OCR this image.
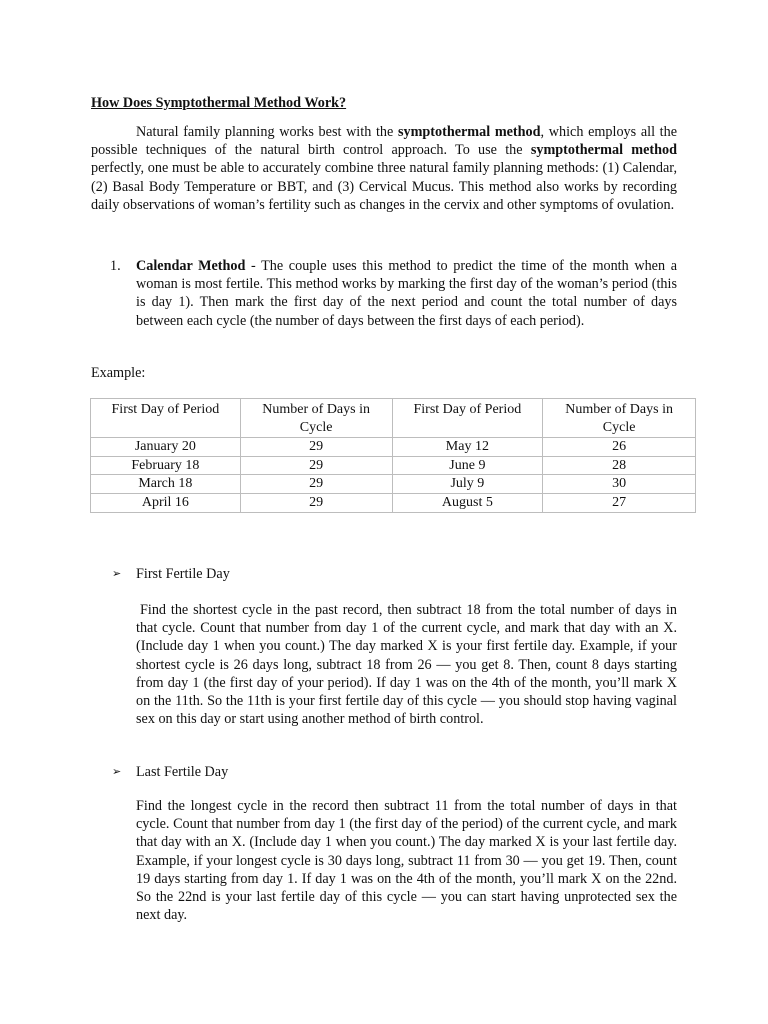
How Does Symptothermal Method Work?

Natural family planning works best with the symptothermal method, which employs all the possible techniques of the natural birth control approach. To use the symptothermal method perfectly, one must be able to accurately combine three natural family planning methods: (1) Calendar, (2) Basal Body Temperature or BBT, and (3) Cervical Mucus. This method also works by recording daily observations of woman’s fertility such as changes in the cervix and other symptoms of ovulation.

1. Calendar Method - The couple uses this method to predict the time of the month when a woman is most fertile. This method works by marking the first day of the woman’s period (this is day 1). Then mark the first day of the next period and count the total number of days between each cycle (the number of days between the first days of each period).

Example:

First Day of Period	Number of Days in Cycle	First Day of Period	Number of Days in Cycle
January 20	29	May 12	26
February 18	29	June 9	28
March 18	29	July 9	30
April 16	29	August 5	27
➢ First Fertile Day

Find the shortest cycle in the past record, then subtract 18 from the total number of days in that cycle. Count that number from day 1 of the current cycle, and mark that day with an X. (Include day 1 when you count.) The day marked X is your first fertile day. Example, if your shortest cycle is 26 days long, subtract 18 from 26 — you get 8. Then, count 8 days starting from day 1 (the first day of your period). If day 1 was on the 4th of the month, you’ll mark X on the 11th. So the 11th is your first fertile day of this cycle — you should stop having vaginal sex on this day or start using another method of birth control.

➢ Last Fertile Day

Find the longest cycle in the record then subtract 11 from the total number of days in that cycle. Count that number from day 1 (the first day of the period) of the current cycle, and mark that day with an X. (Include day 1 when you count.) The day marked X is your last fertile day. Example, if your longest cycle is 30 days long, subtract 11 from 30 — you get 19. Then, count 19 days starting from day 1. If day 1 was on the 4th of the month, you’ll mark X on the 22nd. So the 22nd is your last fertile day of this cycle — you can start having unprotected sex the next day.
